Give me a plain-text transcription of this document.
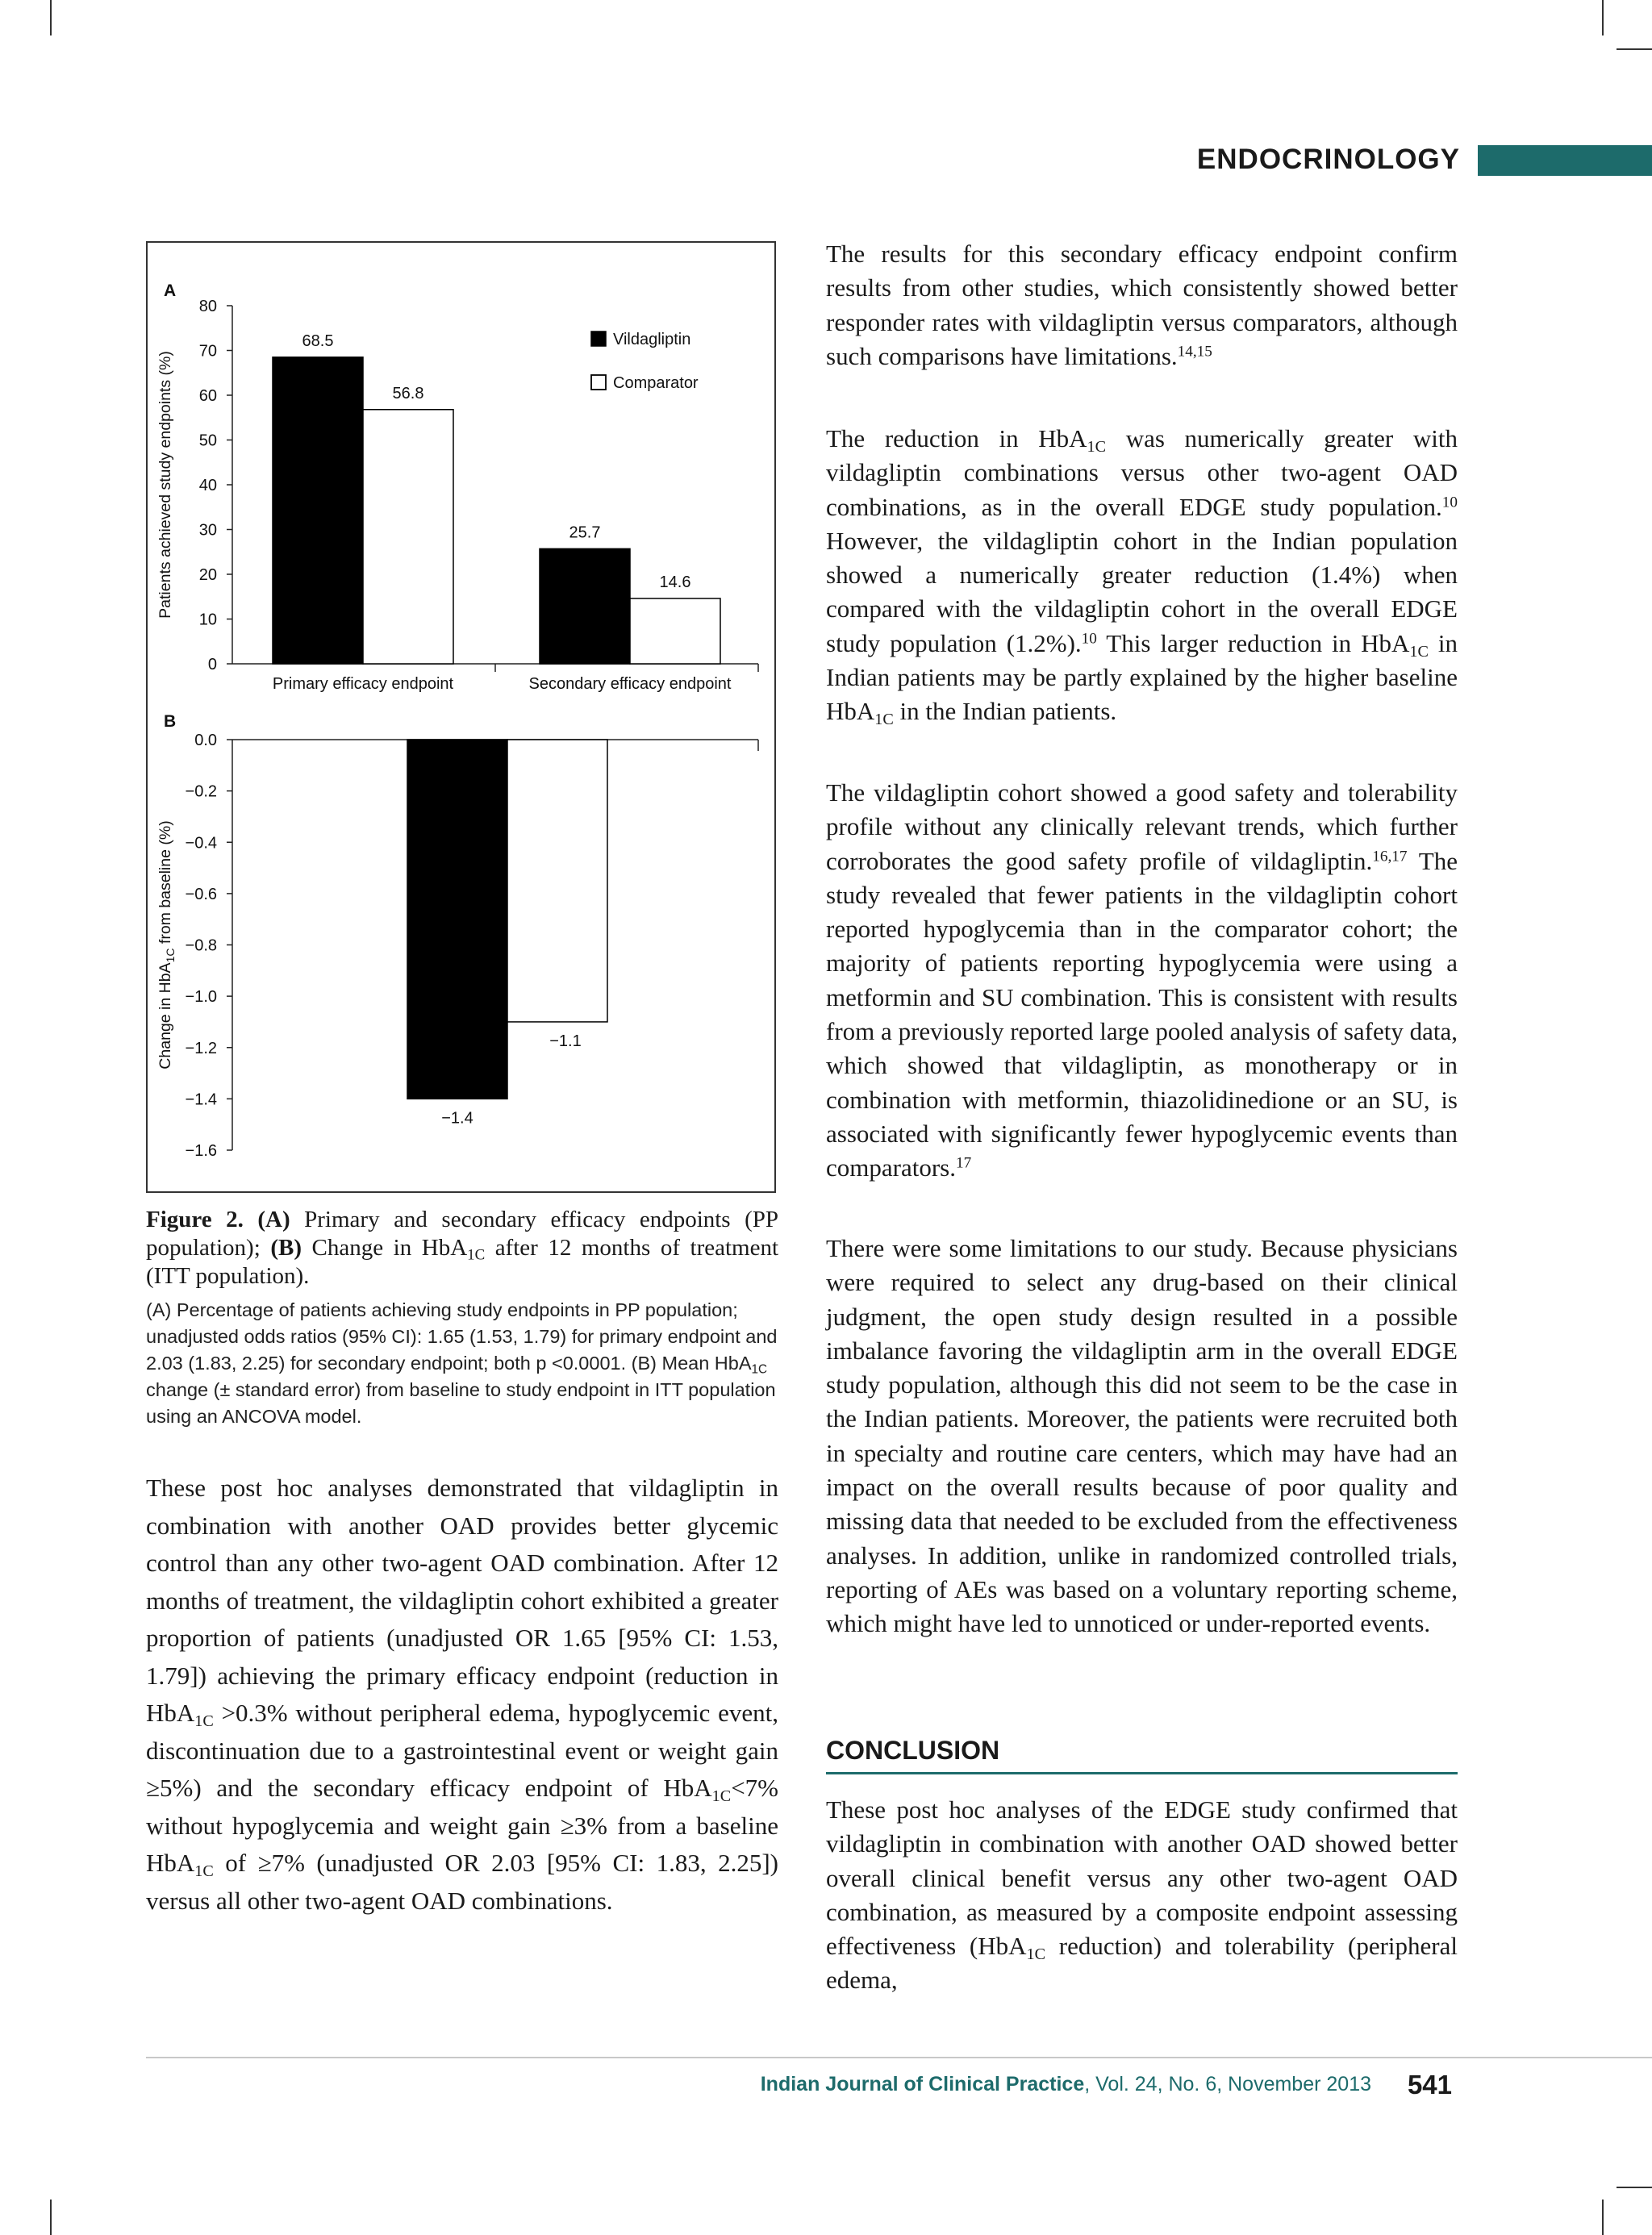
ENDOCRINOLOGY
A
0
10
20
30
40
50
60
70
80
Patients achieved study endpoints (%)
68.5
56.8
25.7
14.6
Primary efficacy endpoint	Secondary efficacy endpoint
Vildagliptin
Comparator
B
0.0
−0.2
−0.4
−0.6
−0.8
−1.0
−1.2
−1.4
−1.6
Change in HbA$_{1C}$ from baseline (%)
−1.4
−1.1
Figure 2. (A) Primary and secondary efficacy endpoints (PP population); (B) Change in HbA$_{1C}$ after 12 months of treatment (ITT population).
(A) Percentage of patients achieving study endpoints in PP population; unadjusted odds ratios (95% CI): 1.65 (1.53, 1.79) for primary endpoint and 2.03 (1.83, 2.25) for secondary endpoint; both p <0.0001. (B) Mean HbA$_{1C}$ change (± standard error) from baseline to study endpoint in ITT population using an ANCOVA model.

These post hoc analyses demonstrated that vildagliptin in combination with another OAD provides better glycemic control than any other two-agent OAD combination. After 12 months of treatment, the vildagliptin cohort exhibited a greater proportion of patients (unadjusted OR 1.65 [95% CI: 1.53, 1.79]) achieving the primary efficacy endpoint (reduction in HbA$_{1C}$ >0.3% without peripheral edema, hypoglycemic event, discontinuation due to a gastrointestinal event or weight gain ≥5%) and the secondary efficacy endpoint of HbA$_{1C}$<7% without hypoglycemia and weight gain ≥3% from a baseline HbA$_{1C}$ of ≥7% (unadjusted OR 2.03 [95% CI: 1.83, 2.25]) versus all other two-agent OAD combinations.

The results for this secondary efficacy endpoint confirm results from other studies, which consistently showed better responder rates with vildagliptin versus comparators, although such comparisons have limitations.$^{14,15}$

The reduction in HbA$_{1C}$ was numerically greater with vildagliptin combinations versus other two-agent OAD combinations, as in the overall EDGE study population.$^{10}$ However, the vildagliptin cohort in the Indian population showed a numerically greater reduction (1.4%) when compared with the vildagliptin cohort in the overall EDGE study population (1.2%).$^{10}$ This larger reduction in HbA$_{1C}$ in Indian patients may be partly explained by the higher baseline HbA$_{1C}$ in the Indian patients.

The vildagliptin cohort showed a good safety and tolerability profile without any clinically relevant trends, which further corroborates the good safety profile of vildagliptin.$^{16,17}$ The study revealed that fewer patients in the vildagliptin cohort reported hypoglycemia than in the comparator cohort; the majority of patients reporting hypoglycemia were using a metformin and SU combination. This is consistent with results from a previously reported large pooled analysis of safety data, which showed that vildagliptin, as monotherapy or in combination with metformin, thiazolidinedione or an SU, is associated with significantly fewer hypoglycemic events than comparators.$^{17}$

There were some limitations to our study. Because physicians were required to select any drug-based on their clinical judgment, the open study design resulted in a possible imbalance favoring the vildagliptin arm in the overall EDGE study population, although this did not seem to be the case in the Indian patients. Moreover, the patients were recruited both in specialty and routine care centers, which may have had an impact on the overall results because of poor quality and missing data that needed to be excluded from the effectiveness analyses. In addition, unlike in randomized controlled trials, reporting of AEs was based on a voluntary reporting scheme, which might have led to unnoticed or under-reported events.

CONCLUSION

These post hoc analyses of the EDGE study confirmed that vildagliptin in combination with another OAD showed better overall clinical benefit versus any other two-agent OAD combination, as measured by a composite endpoint assessing effectiveness (HbA$_{1C}$ reduction) and tolerability (peripheral edema,

Indian Journal of Clinical Practice, Vol. 24, No. 6, November 2013 541
